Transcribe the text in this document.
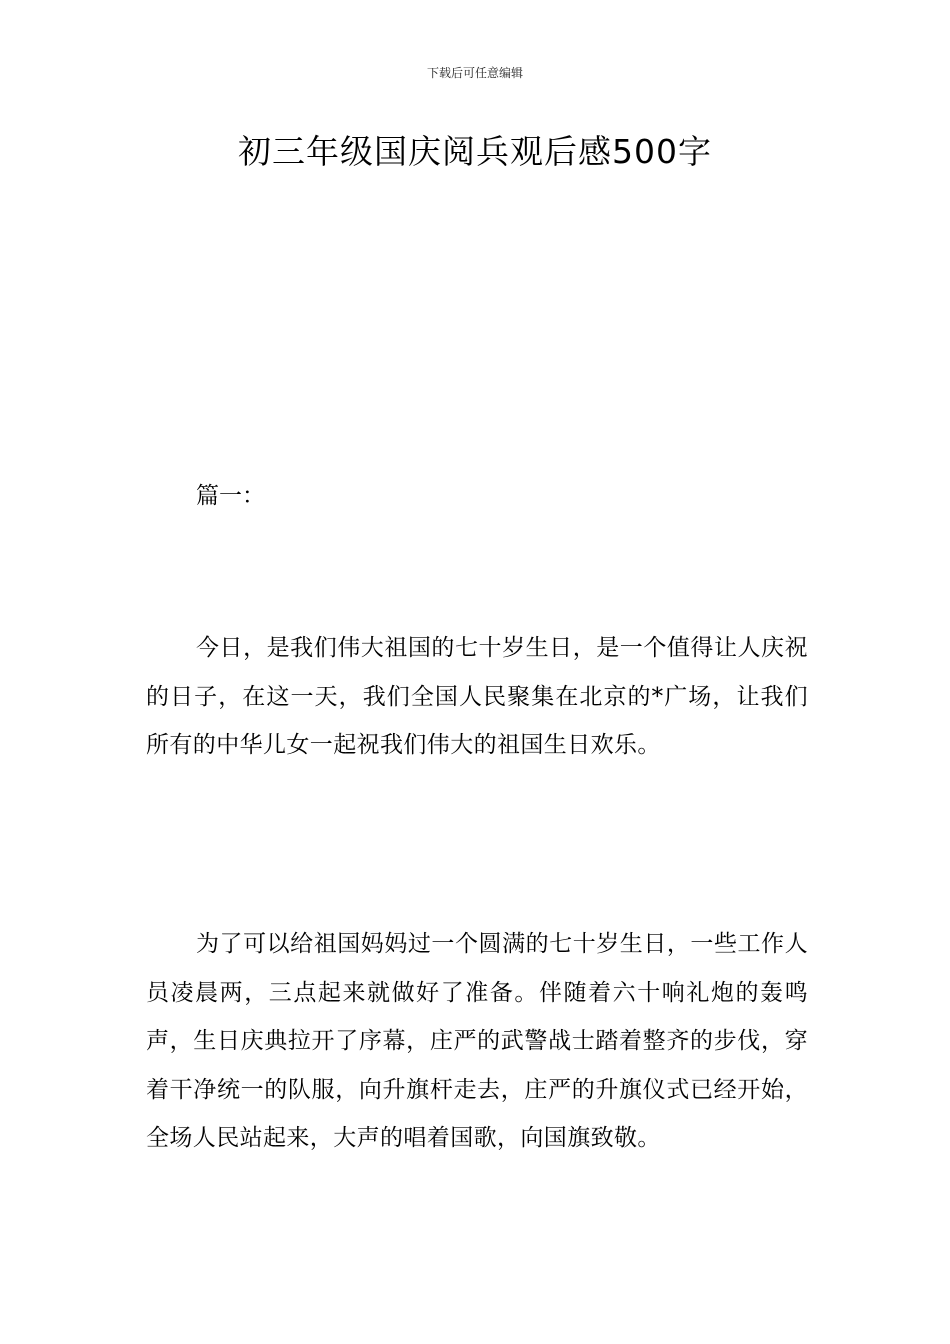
下载后可任意编辑
初三年级国庆阅兵观后感500字

篇一：

今日，是我们伟大祖国的七十岁生日，是一个值得让人庆祝的日子，在这一天，我们全国人民聚集在北京的*广场，让我们所有的中华儿女一起祝我们伟大的祖国生日欢乐。

为了可以给祖国妈妈过一个圆满的七十岁生日，一些工作人员凌晨两，三点起来就做好了准备。伴随着六十响礼炮的轰鸣声，生日庆典拉开了序幕，庄严的武警战士踏着整齐的步伐，穿着干净统一的队服，向升旗杆走去，庄严的升旗仪式已经开始，全场人民站起来，大声的唱着国歌，向国旗致敬。
